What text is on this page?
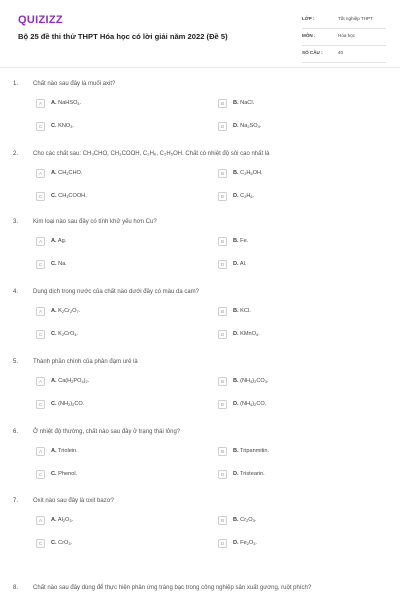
QUIZIZZ
Bộ 25 đề thi thử THPT Hóa học có lời giải năm 2022 (Đề 5)
LỚP :	Tốt nghiệp THPT
MÔN :	Hóa học
SỐ CÂU :	40
1. Chất nào sau đây là muối axit?
A	A. NaHSO$_4$.	B	B. NaCl.
C	C. $KNO_3$.	D	D. $Na_2SO_4$.
2. Cho các chất sau: CH₃CHO, CH₃COOH, C₂H₆, C₂H₅OH. Chất có nhiệt độ sôi cao nhất là
A	A. $CH_3CHO$.	B	B. $C_2H_5OH$.
C	C. $CH_3COOH$.	D	D. $C_2H_6$.
3. Kim loại nào sau đây có tính khử yếu hơn Cu?
A	A. Ag.	B	B. Fe.
C	C. Na.	D	D. Al.
4. Dung dịch trong nước của chất nào dưới đây có màu da cam?
A	A. $K_2Cr_2O_7$.	B	B. KCl.
C	C. $K_2CrO_4$.	D	D. KMnO$_4$.
5. Thành phần chính của phân đạm urê là
A	A. $Ca(H_2PO_4)_2$.	B	B. $(NH_4)_2CO_3$.
C	C. $(NH_2)_2CO$.	D	D. $(NH_4)_2CO$.
6. Ở nhiệt độ thường, chất nào sau đây ở trạng thái lỏng?
A	A. Triolein.	B	B. Tripanmitin.
C	C. Phenol.	D	D. Tristearin.
7. Oxit nào sau đây là oxit bazơ?
A	A. $Al_2O_3$.	B	B. $Cr_2O_3$.
C	C. CrO$_3$.	D	D. $Fe_2O_3$.
8. Chất nào sau đây dùng để thực hiện phản ứng tráng bạc trong công nghiệp sản xuất gương, ruột phích?
